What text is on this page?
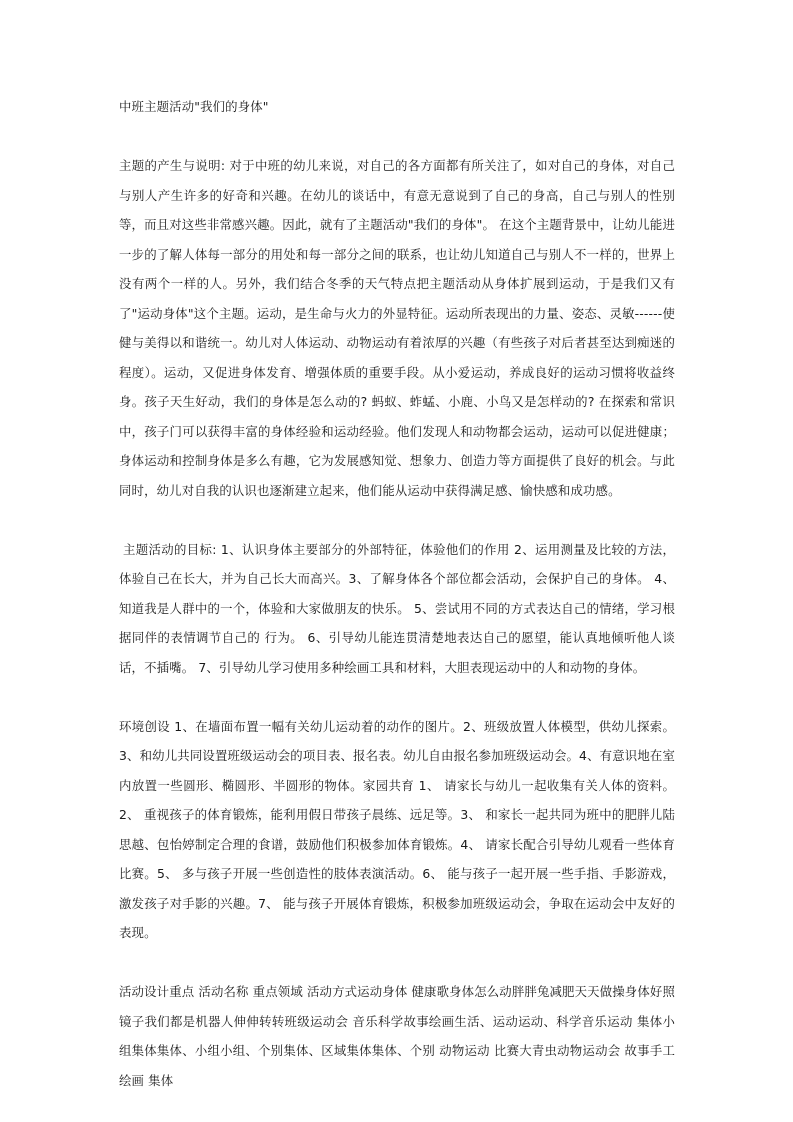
中班主题活动"我们的身体"

主题的产生与说明: 对于中班的幼儿来说，对自己的各方面都有所关注了，如对自己的身体，对自己与别人产生许多的好奇和兴趣。在幼儿的谈话中，有意无意说到了自己的身高，自己与别人的性别等，而且对这些非常感兴趣。因此，就有了主题活动"我们的身体"。 在这个主题背景中，让幼儿能进一步的了解人体每一部分的用处和每一部分之间的联系，也让幼儿知道自己与别人不一样的，世界上没有两个一样的人。另外，我们结合冬季的天气特点把主题活动从身体扩展到运动，于是我们又有了"运动身体"这个主题。运动，是生命与火力的外显特征。运动所表现出的力量、姿态、灵敏------使健与美得以和谐统一。幼儿对人体运动、动物运动有着浓厚的兴趣（有些孩子对后者甚至达到痴迷的程度）。运动，又促进身体发育、增强体质的重要手段。从小爱运动，养成良好的运动习惯将收益终身。孩子天生好动，我们的身体是怎么动的? 蚂蚁、蚱蜢、小鹿、小鸟又是怎样动的? 在探索和常识中，孩子门可以获得丰富的身体经验和运动经验。他们发现人和动物都会运动，运动可以促进健康；身体运动和控制身体是多么有趣，它为发展感知觉、想象力、创造力等方面提供了良好的机会。与此同时，幼儿对自我的认识也逐渐建立起来，他们能从运动中获得满足感、愉快感和成功感。

主题活动的目标: 1、认识身体主要部分的外部特征，体验他们的作用 2、运用测量及比较的方法，体验自己在长大，并为自己长大而高兴。3、了解身体各个部位都会活动，会保护自己的身体。 4、知道我是人群中的一个，体验和大家做朋友的快乐。 5、尝试用不同的方式表达自己的情绪，学习根据同伴的表情调节自己的 行为。 6、引导幼儿能连贯清楚地表达自己的愿望，能认真地倾听他人谈话，不插嘴。 7、引导幼儿学习使用多种绘画工具和材料，大胆表现运动中的人和动物的身体。

环境创设 1、在墙面布置一幅有关幼儿运动着的动作的图片。2、班级放置人体模型，供幼儿探索。3、和幼儿共同设置班级运动会的项目表、报名表。幼儿自由报名参加班级运动会。4、有意识地在室内放置一些圆形、椭圆形、半圆形的物体。家园共育 1、 请家长与幼儿一起收集有关人体的资料。2、 重视孩子的体育锻炼，能利用假日带孩子晨练、远足等。3、 和家长一起共同为班中的肥胖儿陆思越、包怡婷制定合理的食谱，鼓励他们积极参加体育锻炼。4、 请家长配合引导幼儿观看一些体育比赛。5、 多与孩子开展一些创造性的肢体表演活动。6、 能与孩子一起开展一些手指、手影游戏，激发孩子对手影的兴趣。7、 能与孩子开展体育锻炼，积极参加班级运动会，争取在运动会中友好的表现。

活动设计重点 活动名称 重点领域 活动方式运动身体 健康歌身体怎么动胖胖兔减肥天天做操身体好照镜子我们都是机器人伸伸转转班级运动会 音乐科学故事绘画生活、运动运动、科学音乐运动 集体小组集体集体、小组小组、个别集体、区域集体集体、个别 动物运动 比赛大青虫动物运动会 故事手工绘画 集体
